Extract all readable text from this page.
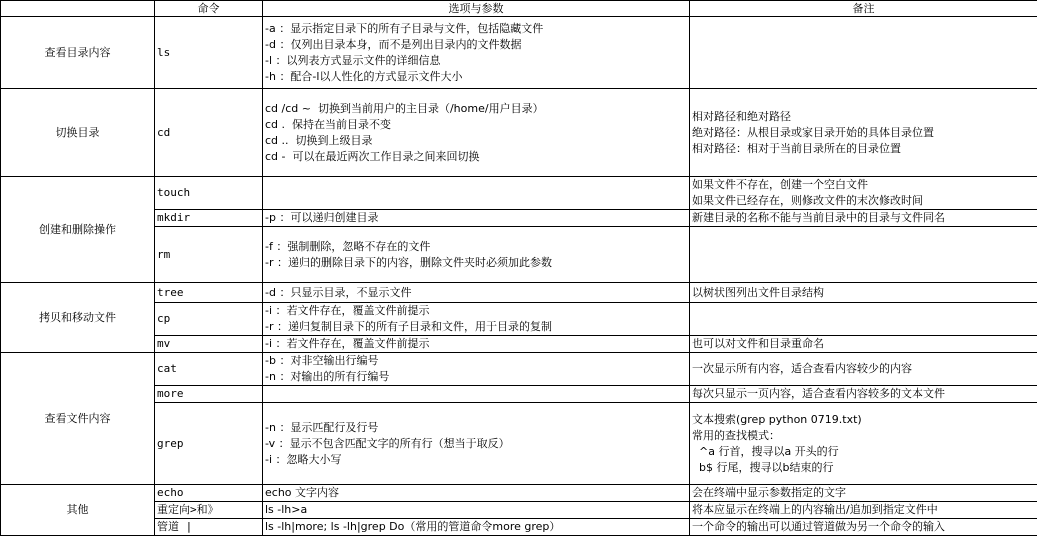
	命令	选项与参数	备注
查看目录内容	ls	-a ：显示指定目录下的所有子目录与文件，包括隐藏文件
-d ：仅列出目录本身，而不是列出目录内的文件数据
-l ：以列表方式显示文件的详细信息
-h ：配合-l以人性化的方式显示文件大小	

切换目录	cd	cd /cd ~  切换到当前用户的主目录（/home/用户目录）
cd .  保持在当前目录不变
cd ..  切换到上级目录
cd -  可以在最近两次工作目录之间来回切换	相对路径和绝对路径
绝对路径：从根目录或家目录开始的具体目录位置
相对路径：相对于当前目录所在的目录位置

创建和删除操作	touch		如果文件不存在，创建一个空白文件
如果文件已经存在，则修改文件的末次修改时间

	mkdir	-p ：可以递归创建目录	新建目录的名称不能与当前目录中的目录与文件同名

	rm	-f ：强制删除，忽略不存在的文件
-r ：递归的删除目录下的内容，删除文件夹时必须加此参数	

拷贝和移动文件	tree	-d ：只显示目录，不显示文件	以树状图列出文件目录结构

	cp	-i ：若文件存在，覆盖文件前提示
-r ：递归复制目录下的所有子目录和文件，用于目录的复制	

	mv	-i ：若文件存在，覆盖文件前提示	也可以对文件和目录重命名

查看文件内容	cat	-b ：对非空输出行编号
-n ：对输出的所有行编号	一次显示所有内容，适合查看内容较少的内容

	more		每次只显示一页内容，适合查看内容较多的文本文件

	grep	-n ：显示匹配行及行号
-v ：显示不包含匹配文字的所有行（想当于取反）
-i ：忽略大小写	文本搜索(grep python 0719.txt)
常用的查找模式：
^a 行首，搜寻以a 开头的行
b$ 行尾，搜寻以b结束的行

其他	echo	echo 文字内容	会在终端中显示参数指定的文字

	重定向>和》	ls -lh>a	将本应显示在终端上的内容输出/追加到指定文件中

	管道 |	ls -lh|more; ls -lh|grep Do（常用的管道命令more grep）	一个命令的输出可以通过管道做为另一个命令的输入
